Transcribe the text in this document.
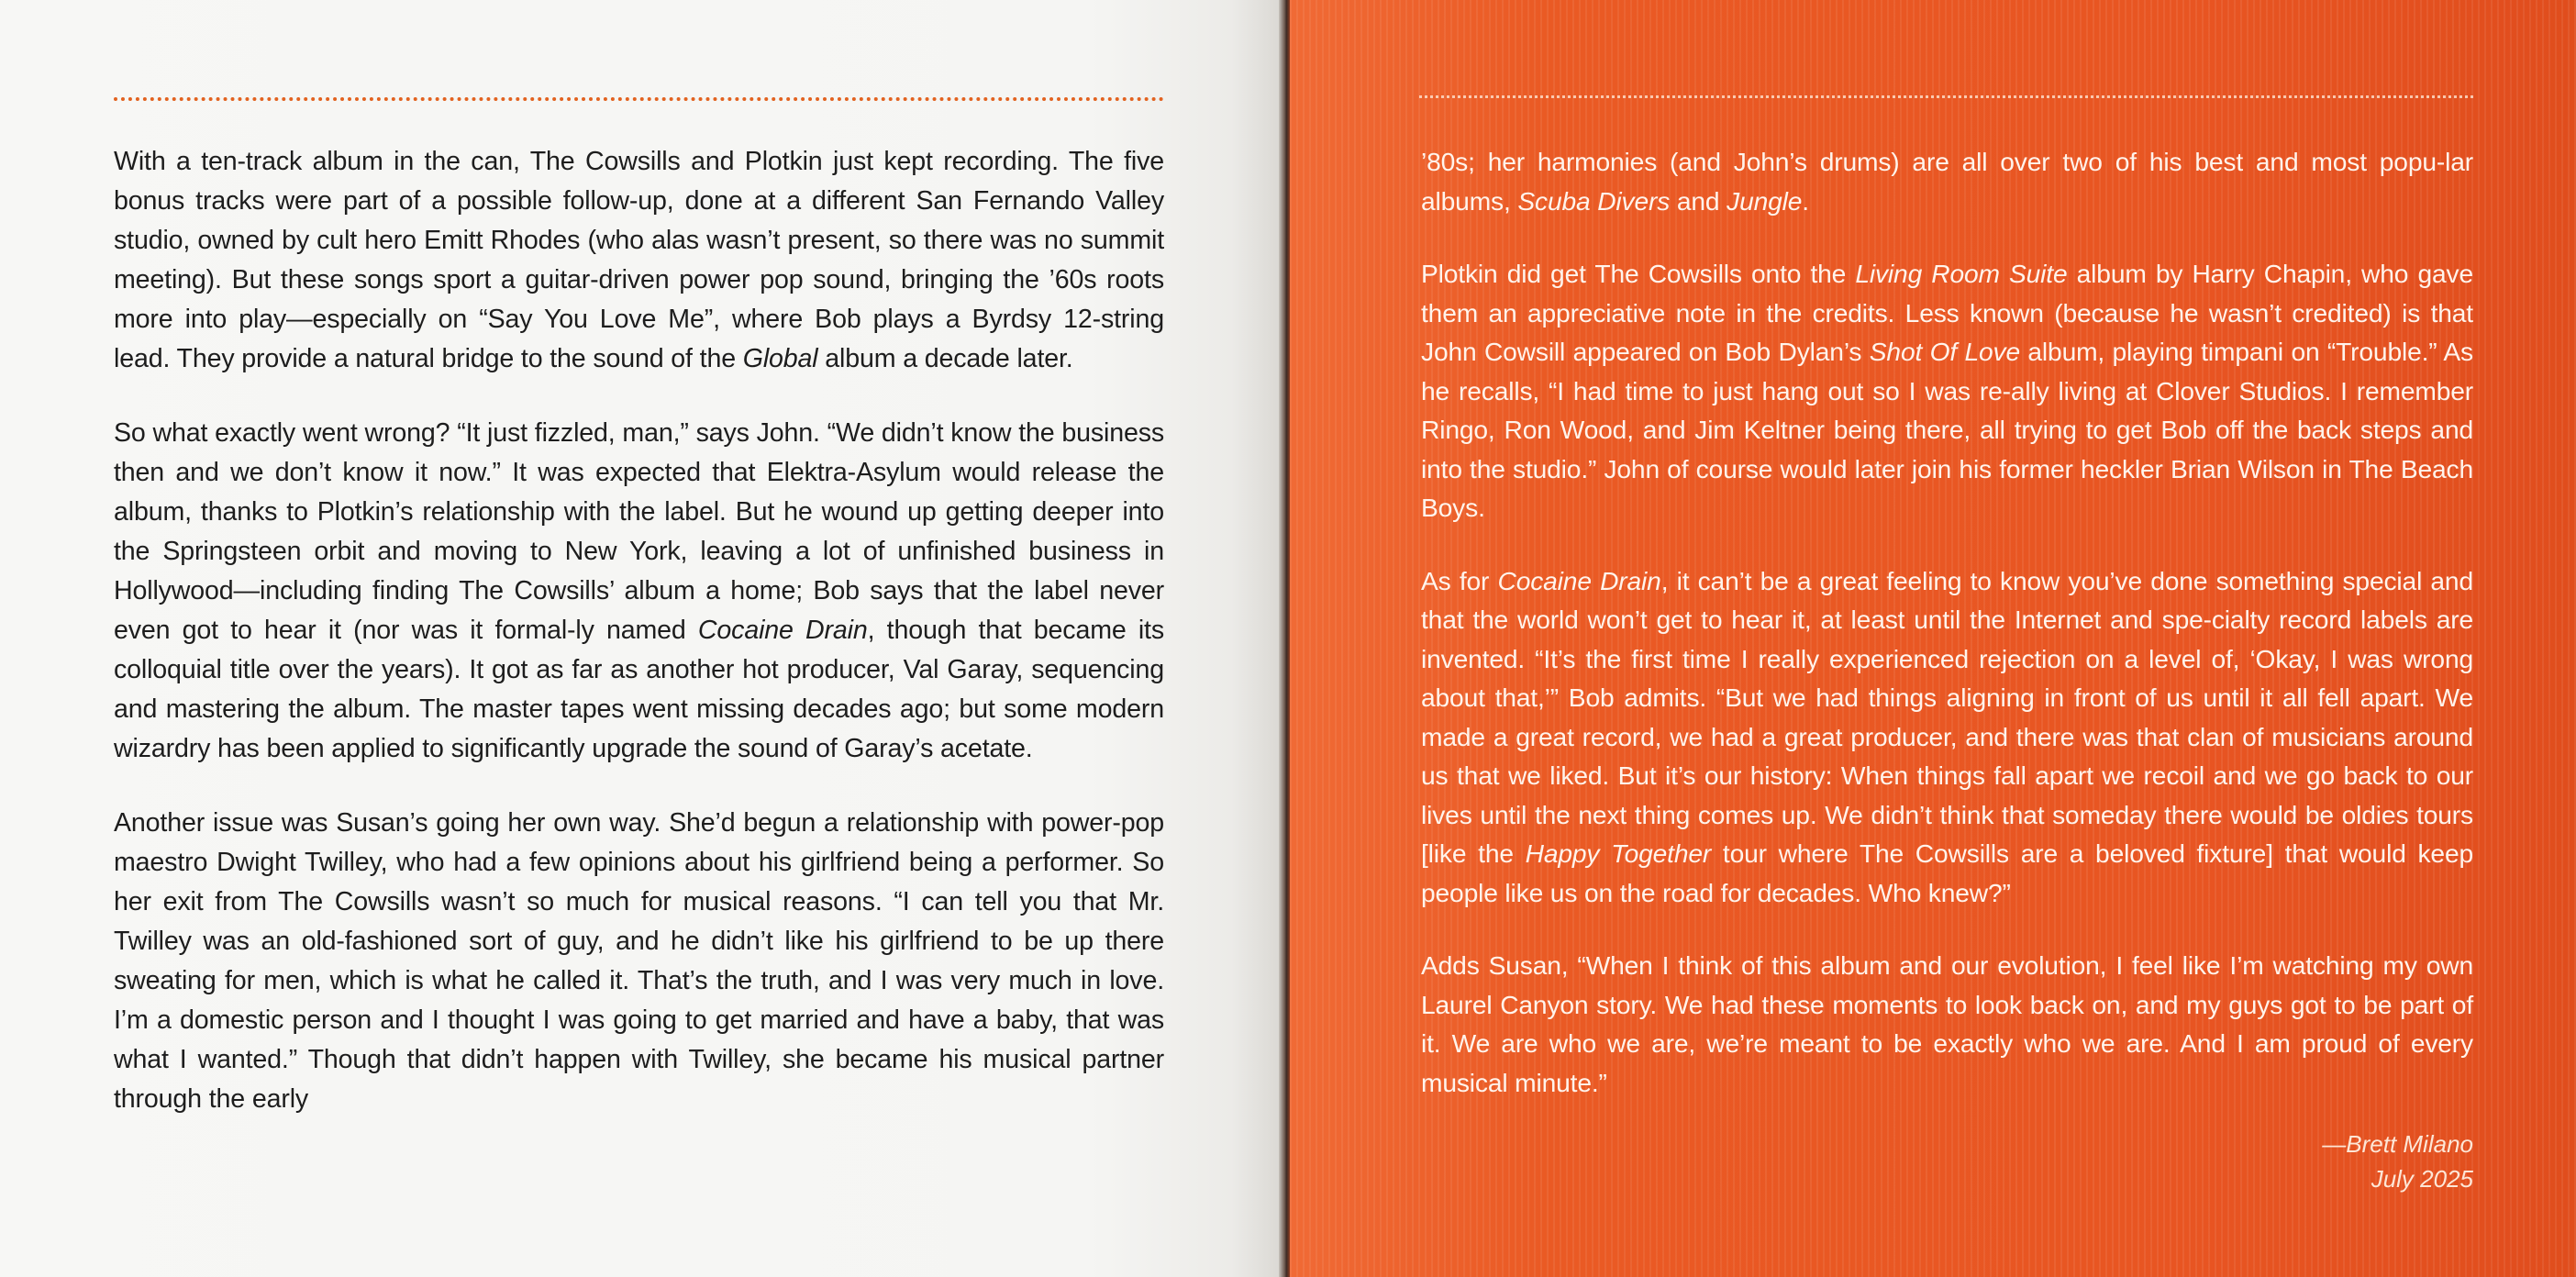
With a ten-track album in the can, The Cowsills and Plotkin just kept recording. The five bonus tracks were part of a possible follow-up, done at a different San Fernando Valley studio, owned by cult hero Emitt Rhodes (who alas wasn’t present, so there was no summit meeting). But these songs sport a guitar-driven power pop sound, bringing the ’60s roots more into play—especially on “Say You Love Me”, where Bob plays a Byrdsy 12-string lead. They provide a natural bridge to the sound of the Global album a decade later.

So what exactly went wrong? “It just fizzled, man,” says John. “We didn’t know the business then and we don’t know it now.” It was expected that Elektra-Asylum would release the album, thanks to Plotkin’s relationship with the label. But he wound up getting deeper into the Springsteen orbit and moving to New York, leaving a lot of unfinished business in Hollywood—including finding The Cowsills’ album a home; Bob says that the label never even got to hear it (nor was it formal-ly named Cocaine Drain, though that became its colloquial title over the years). It got as far as another hot producer, Val Garay, sequencing and mastering the album. The master tapes went missing decades ago; but some modern wizardry has been applied to significantly upgrade the sound of Garay’s acetate.

Another issue was Susan’s going her own way. She’d begun a relationship with power-pop maestro Dwight Twilley, who had a few opinions about his girlfriend being a performer. So her exit from The Cowsills wasn’t so much for musical reasons. “I can tell you that Mr. Twilley was an old-fashioned sort of guy, and he didn’t like his girlfriend to be up there sweating for men, which is what he called it. That’s the truth, and I was very much in love. I’m a domestic person and I thought I was going to get married and have a baby, that was what I wanted.” Though that didn’t happen with Twilley, she became his musical partner through the early

’80s; her harmonies (and John’s drums) are all over two of his best and most popu-lar albums, Scuba Divers and Jungle.

Plotkin did get The Cowsills onto the Living Room Suite album by Harry Chapin, who gave them an appreciative note in the credits. Less known (because he wasn’t credited) is that John Cowsill appeared on Bob Dylan’s Shot Of Love album, playing timpani on “Trouble.” As he recalls, “I had time to just hang out so I was re-ally living at Clover Studios. I remember Ringo, Ron Wood, and Jim Keltner being there, all trying to get Bob off the back steps and into the studio.” John of course would later join his former heckler Brian Wilson in The Beach Boys.

As for Cocaine Drain, it can’t be a great feeling to know you’ve done something special and that the world won’t get to hear it, at least until the Internet and spe-cialty record labels are invented. “It’s the first time I really experienced rejection on a level of, ‘Okay, I was wrong about that,’” Bob admits. “But we had things aligning in front of us until it all fell apart. We made a great record, we had a great producer, and there was that clan of musicians around us that we liked. But it’s our history: When things fall apart we recoil and we go back to our lives until the next thing comes up. We didn’t think that someday there would be oldies tours [like the Happy Together tour where The Cowsills are a beloved fixture] that would keep people like us on the road for decades. Who knew?”

Adds Susan, “When I think of this album and our evolution, I feel like I’m watching my own Laurel Canyon story. We had these moments to look back on, and my guys got to be part of it. We are who we are, we’re meant to be exactly who we are. And I am proud of every musical minute.”

—Brett Milano
July 2025
